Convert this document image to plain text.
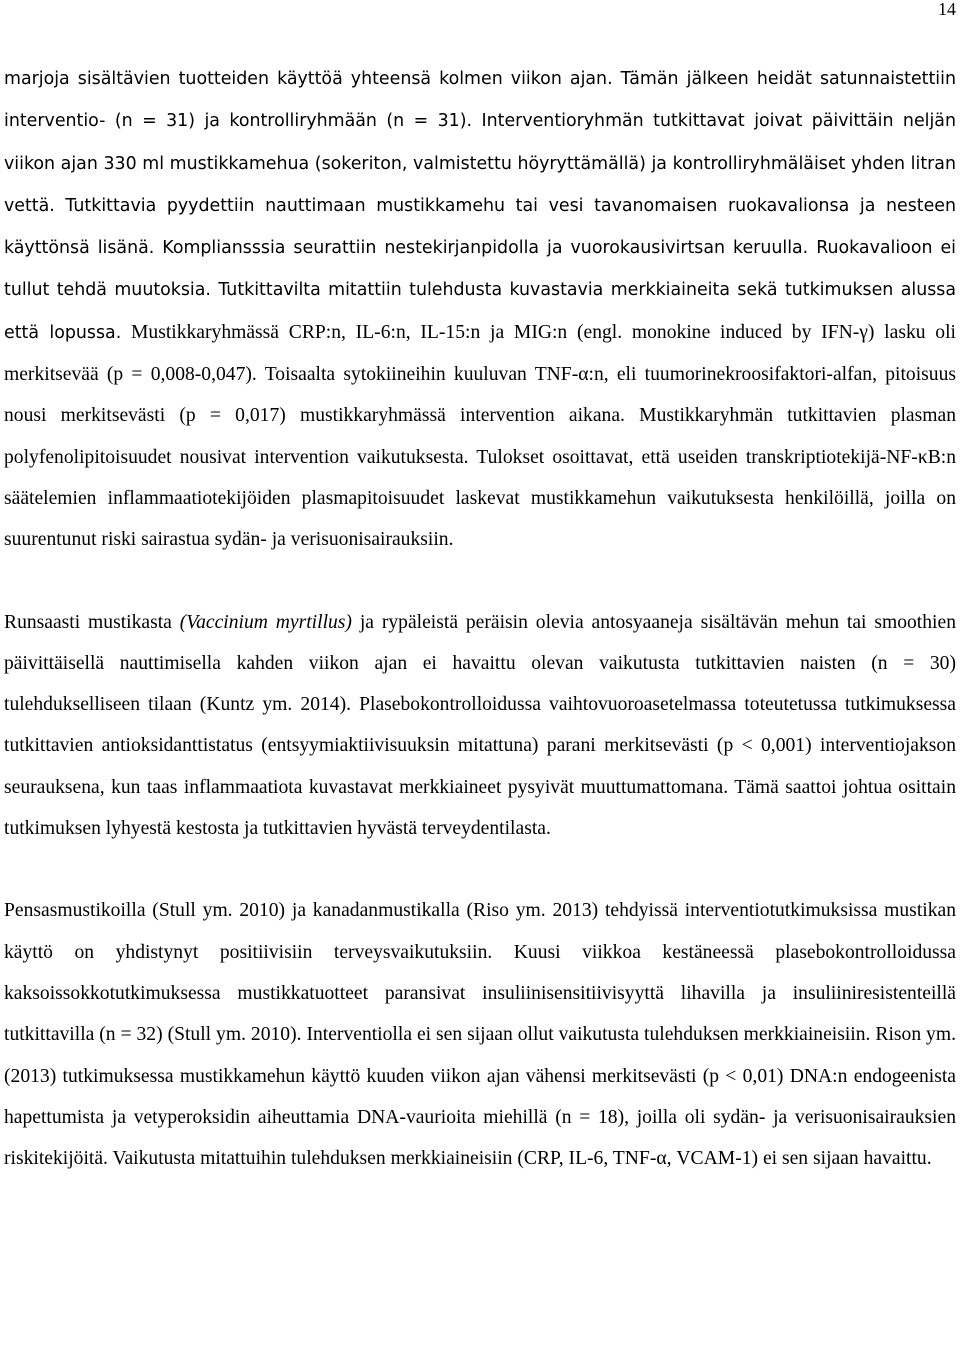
14

marjoja sisältävien tuotteiden käyttöä yhteensä kolmen viikon ajan. Tämän jälkeen heidät satunnaistettiin interventio- (n = 31) ja kontrolliryhmään (n = 31). Interventioryhmän tutkittavat joivat päivittäin neljän viikon ajan 330 ml mustikkamehua (sokeriton, valmistettu höyryttämällä) ja kontrolliryhmäläiset yhden litran vettä. Tutkittavia pyydettiin nauttimaan mustikkamehu tai vesi tavanomaisen ruokavalionsa ja nesteen käyttönsä lisänä. Kompliansssia seurattiin nestekirjanpidolla ja vuorokausivirtsan keruulla. Ruokavalioon ei tullut tehdä muutoksia. Tutkittavilta mitattiin tulehdusta kuvastavia merkkiaineita sekä tutkimuksen alussa että lopussa. Mustikkaryhmässä CRP:n, IL-6:n, IL-15:n ja MIG:n (engl. monokine induced by IFN-γ) lasku oli merkitsevää (p = 0,008-0,047). Toisaalta sytokiineihin kuuluvan TNF-α:n, eli tuumorinekroosifaktori-alfan, pitoisuus nousi merkitsevästi (p = 0,017) mustikkaryhmässä intervention aikana. Mustikkaryhmän tutkittavien plasman polyfenolipitoisuudet nousivat intervention vaikutuksesta. Tulokset osoittavat, että useiden transkriptiotekijä-NF-κB:n säätelemien inflammaatiotekijöiden plasmapitoisuudet laskevat mustikkamehun vaikutuksesta henkilöillä, joilla on suurentunut riski sairastua sydän- ja verisuonisairauksiin.

Runsaasti mustikasta (Vaccinium myrtillus) ja rypäleistä peräisin olevia antosyaaneja sisältävän mehun tai smoothien päivittäisellä nauttimisella kahden viikon ajan ei havaittu olevan vaikutusta tutkittavien naisten (n = 30) tulehdukselliseen tilaan (Kuntz ym. 2014). Plasebokontrolloidussa vaihtovuoroasetelmassa toteutetussa tutkimuksessa tutkittavien antioksidanttistatus (entsyymiaktiivisuuksin mitattuna) parani merkitsevästi (p < 0,001) interventiojakson seurauksena, kun taas inflammaatiota kuvastavat merkkiaineet pysyivät muuttumattomana. Tämä saattoi johtua osittain tutkimuksen lyhyestä kestosta ja tutkittavien hyvästä terveydentilasta.

Pensasmustikoilla (Stull ym. 2010) ja kanadanmustikalla (Riso ym. 2013) tehdyissä interventiotutkimuksissa mustikan käyttö on yhdistynyt positiivisiin terveysvaikutuksiin. Kuusi viikkoa kestäneessä plasebokontrolloidussa kaksoissokkotutkimuksessa mustikkatuotteet paransivat insuliinisensitiivisyyttä lihavilla ja insuliiniresistenteillä tutkittavilla (n = 32) (Stull ym. 2010). Interventiolla ei sen sijaan ollut vaikutusta tulehduksen merkkiaineisiin. Rison ym. (2013) tutkimuksessa mustikkamehun käyttö kuuden viikon ajan vähensi merkitsevästi (p < 0,01) DNA:n endogeenista hapettumista ja vetyperoksidin aiheuttamia DNA-vaurioita miehillä (n = 18), joilla oli sydän- ja verisuonisairauksien riskitekijöitä. Vaikutusta mitattuihin tulehduksen merkkiaineisiin (CRP, IL-6, TNF-α, VCAM-1) ei sen sijaan havaittu.
